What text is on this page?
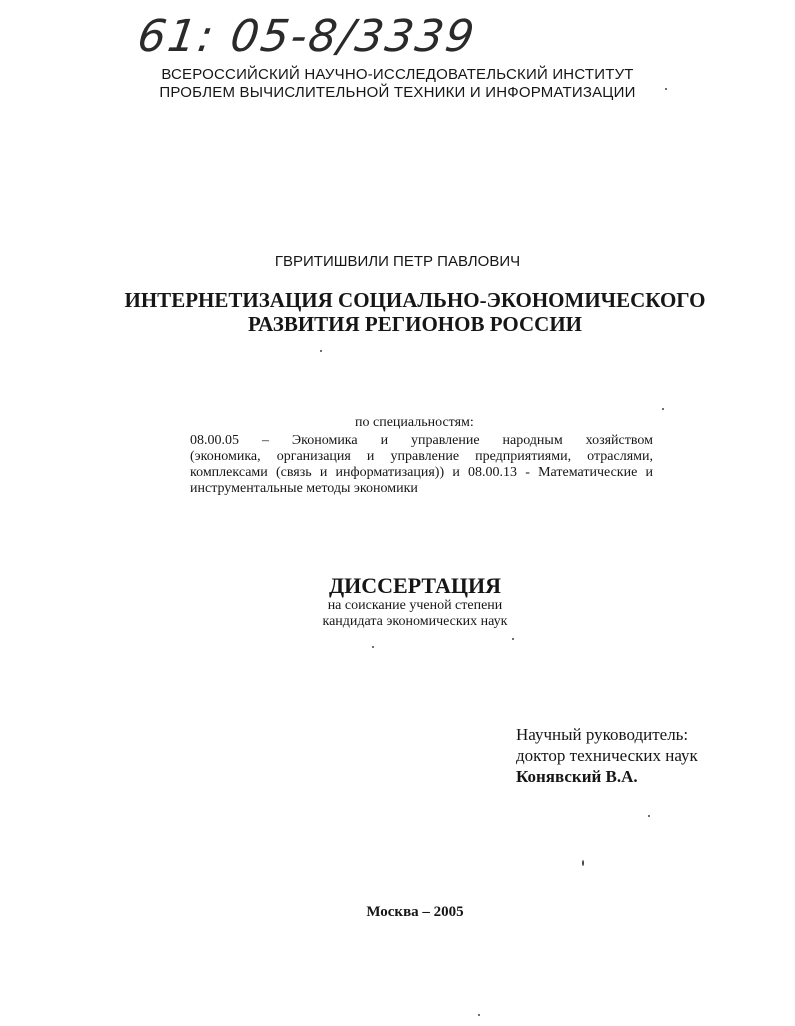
61: 05-8/3339
ВСЕРОССИЙСКИЙ НАУЧНО-ИССЛЕДОВАТЕЛЬСКИЙ ИНСТИТУТ
ПРОБЛЕМ ВЫЧИСЛИТЕЛЬНОЙ ТЕХНИКИ И ИНФОРМАТИЗАЦИИ
ГВРИТИШВИЛИ ПЕТР ПАВЛОВИЧ
ИНТЕРНЕТИЗАЦИЯ СОЦИАЛЬНО-ЭКОНОМИЧЕСКОГО
РАЗВИТИЯ РЕГИОНОВ РОССИИ
по специальностям:
08.00.05 – Экономика и управление народным хозяйством
(экономика, организация и управление предприятиями, отраслями,
комплексами (связь и информатизация)) и 08.00.13 - Математические и
инструментальные методы экономики
ДИССЕРТАЦИЯ
на соискание ученой степени
кандидата экономических наук
Научный руководитель:
доктор технических наук
Конявский В.А.
Москва – 2005
